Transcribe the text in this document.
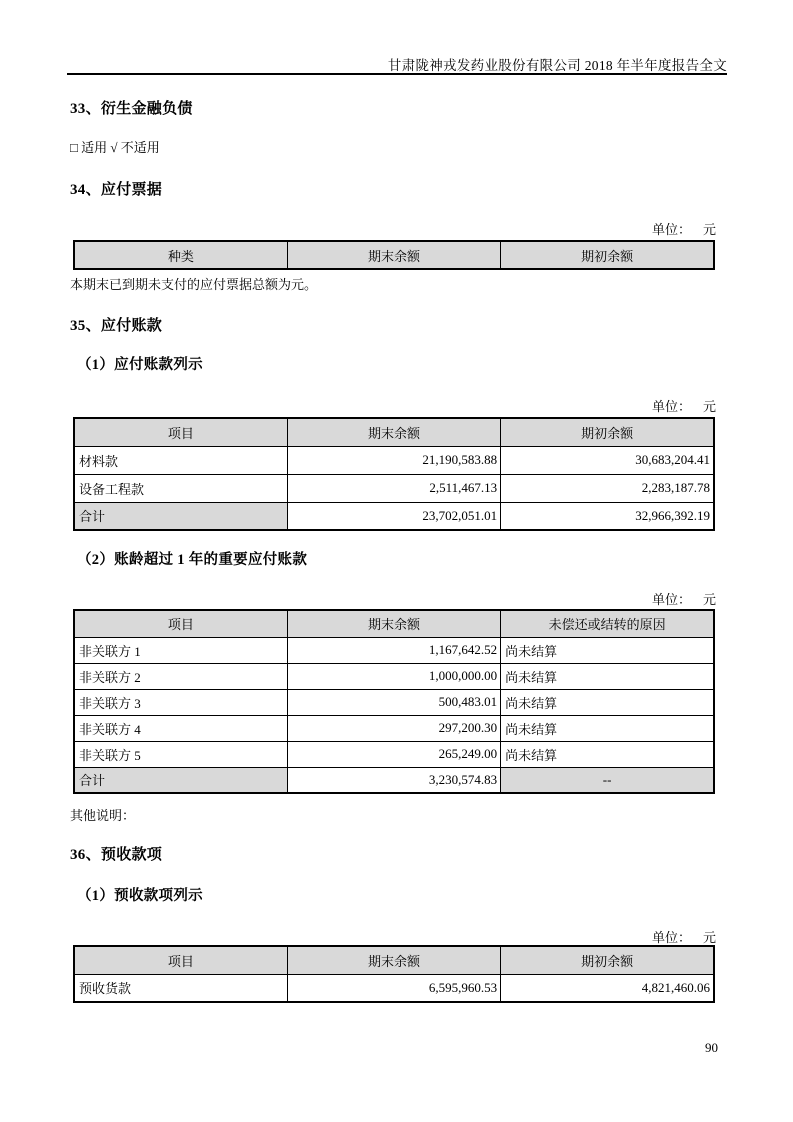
甘肃陇神戎发药业股份有限公司 2018 年半年度报告全文
33、衍生金融负债
□ 适用 √ 不适用
34、应付票据
单位： 元
种类	期末余额	期初余额
本期末已到期未支付的应付票据总额为元。
35、应付账款
（1）应付账款列示
单位： 元
项目	期末余额	期初余额
材料款	21,190,583.88	30,683,204.41
设备工程款	2,511,467.13	2,283,187.78
合计	23,702,051.01	32,966,392.19
（2）账龄超过 1 年的重要应付账款
单位： 元
项目	期末余额	未偿还或结转的原因
非关联方 1	1,167,642.52	尚未结算
非关联方 2	1,000,000.00	尚未结算
非关联方 3	500,483.01	尚未结算
非关联方 4	297,200.30	尚未结算
非关联方 5	265,249.00	尚未结算
合计	3,230,574.83	--
其他说明：
36、预收款项
（1）预收款项列示
单位： 元
项目	期末余额	期初余额
预收货款	6,595,960.53	4,821,460.06
90
